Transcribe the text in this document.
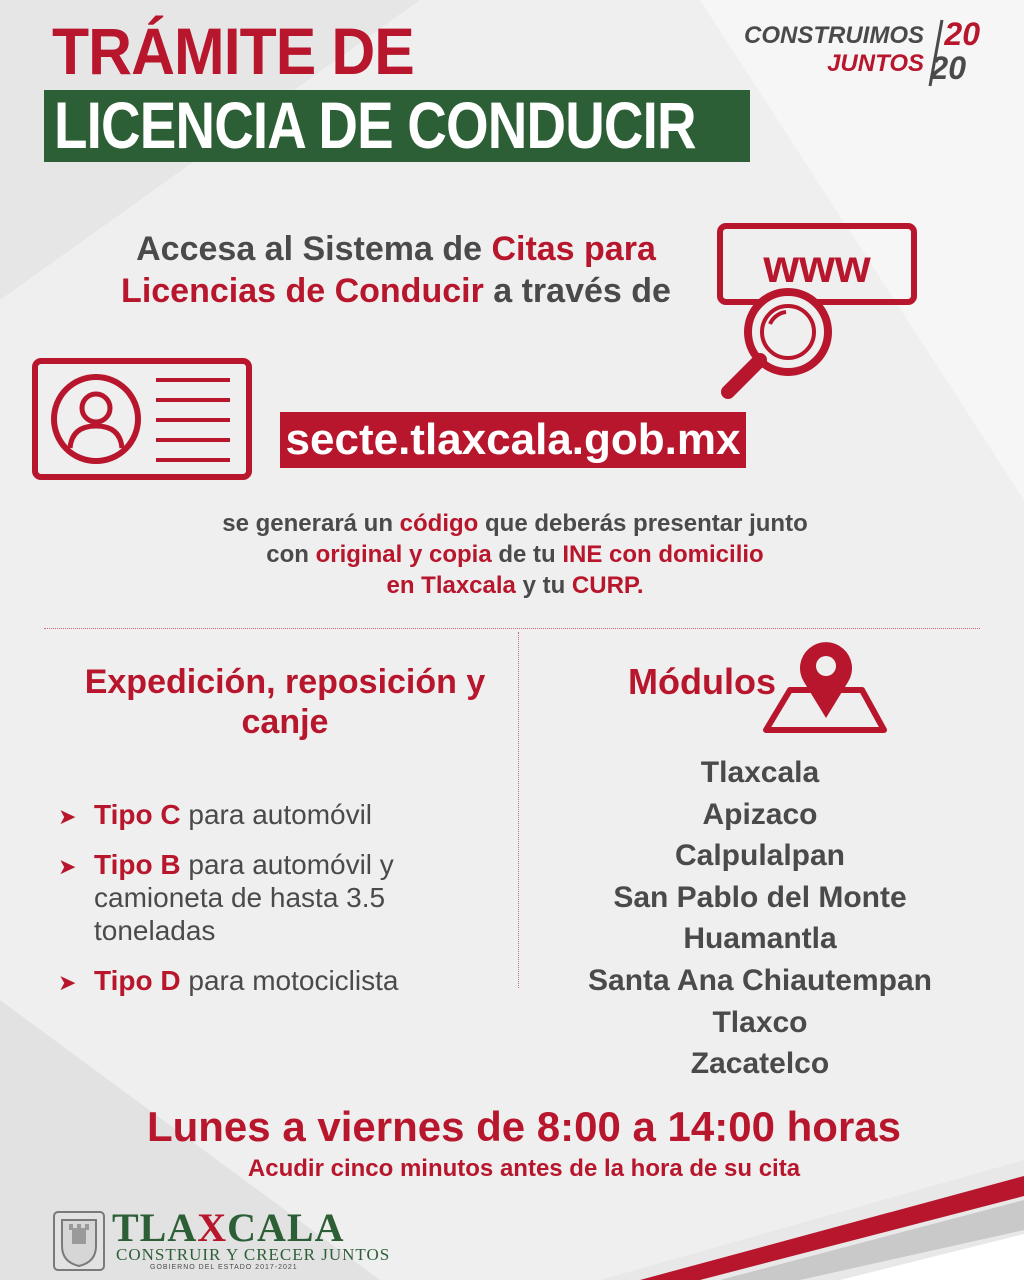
TRÁMITE DE
LICENCIA DE CONDUCIR
CONSTRUIMOS
JUNTOS
20
20
Accesa al Sistema de Citas para
Licencias de Conducir a través de	www
secte.tlaxcala.gob.mx
se generará un código que deberás presentar junto
con original y copia de tu INE con domicilio
en Tlaxcala y tu CURP.
Expedición, reposición y canje
➤ Tipo C para automóvil
➤ Tipo B para automóvil y camioneta de hasta 3.5 toneladas
➤ Tipo D para motociclista
Módulos
Tlaxcala
Apizaco
Calpulalpan
San Pablo del Monte
Huamantla
Santa Ana Chiautempan
Tlaxco
Zacatelco
Lunes a viernes de 8:00 a 14:00 horas
Acudir cinco minutos antes de la hora de su cita
TLAXCALA
CONSTRUIR Y CRECER JUNTOS
GOBIERNO DEL ESTADO 2017-2021
